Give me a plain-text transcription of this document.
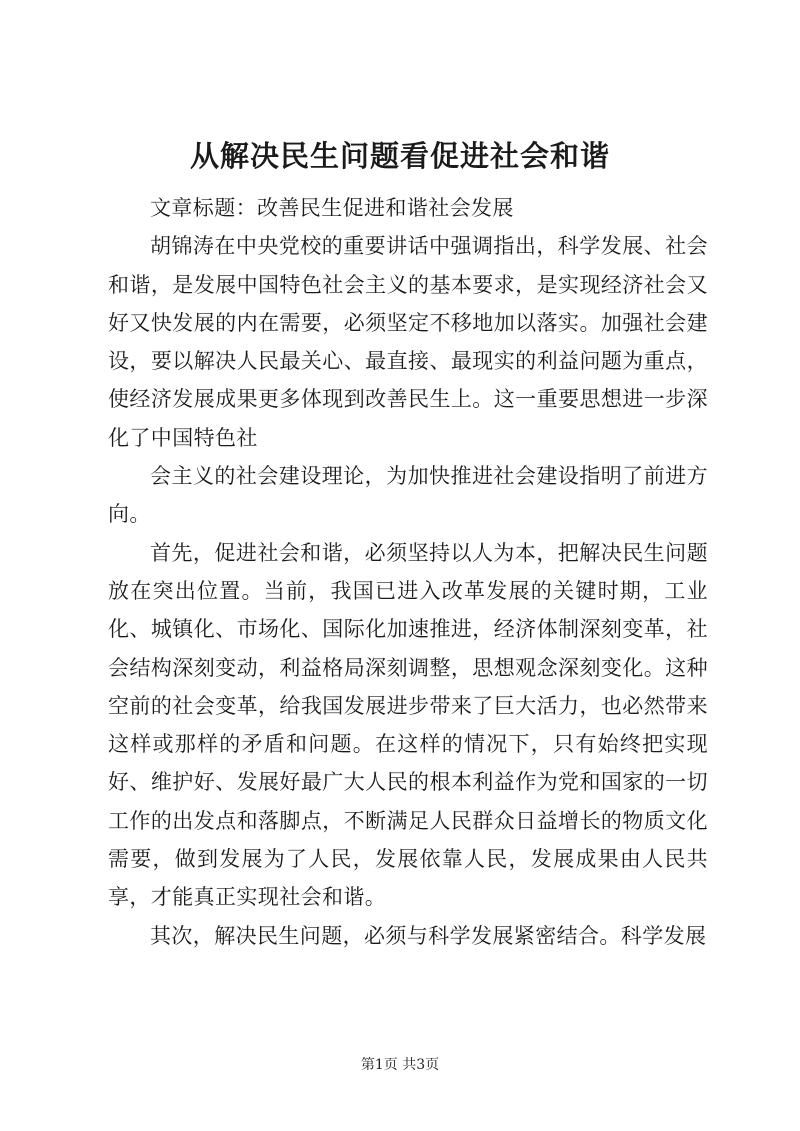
从解决民生问题看促进社会和谐

文章标题：改善民生促进和谐社会发展

胡锦涛在中央党校的重要讲话中强调指出，科学发展、社会和谐，是发展中国特色社会主义的基本要求，是实现经济社会又好又快发展的内在需要，必须坚定不移地加以落实。加强社会建设，要以解决人民最关心、最直接、最现实的利益问题为重点，使经济发展成果更多体现到改善民生上。这一重要思想进一步深化了中国特色社

会主义的社会建设理论，为加快推进社会建设指明了前进方向。

首先，促进社会和谐，必须坚持以人为本，把解决民生问题放在突出位置。当前，我国已进入改革发展的关键时期，工业化、城镇化、市场化、国际化加速推进，经济体制深刻变革，社会结构深刻变动，利益格局深刻调整，思想观念深刻变化。这种空前的社会变革，给我国发展进步带来了巨大活力，也必然带来这样或那样的矛盾和问题。在这样的情况下，只有始终把实现好、维护好、发展好最广大人民的根本利益作为党和国家的一切工作的出发点和落脚点，不断满足人民群众日益增长的物质文化需要，做到发展为了人民，发展依靠人民，发展成果由人民共享，才能真正实现社会和谐。

其次，解决民生问题，必须与科学发展紧密结合。科学发展

第1页 共3页
